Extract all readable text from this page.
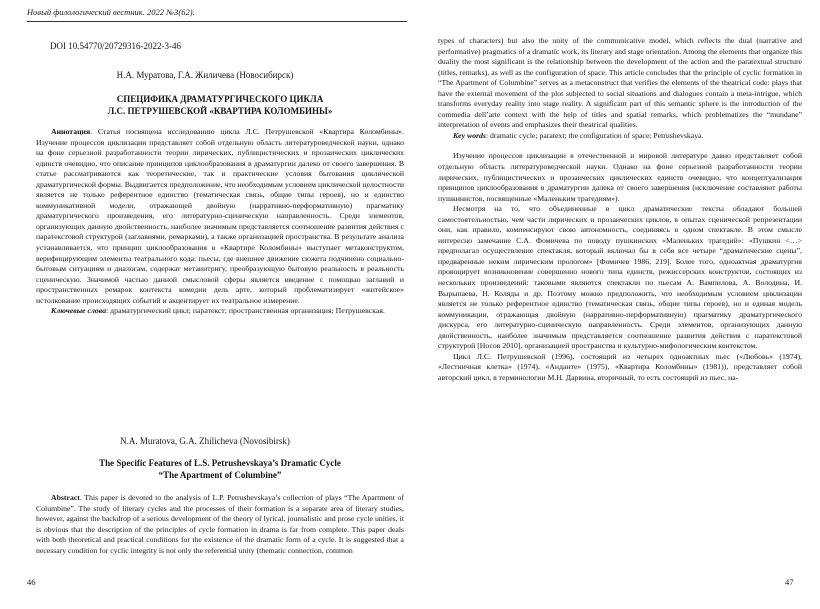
Новый филологический вестник. 2022 №3(62).
DOI 10.54770/20729316-2022-3-46
Н.А. Муратова, Г.А. Жиличева (Новосибирск)
СПЕЦИФИКА ДРАМАТУРГИЧЕСКОГО ЦИКЛА
Л.С. ПЕТРУШЕВСКОЙ «КВАРТИРА КОЛОМБИНЫ»

Аннотация. Статья посвящена исследованию цикла Л.С. Петрушевской «Квартира Коломбины». Изучение процессов циклизации представляет собой отдельную область литературоведческой науки, однако на фоне серьезной разработанности теории лирических, публицистических и прозаических циклических единств очевидно, что описание принципов циклообразования в драматургии далеко от своего завершения. В статье рассматриваются как теоретические, так и практические условия бытования циклической драматургической формы. Выдвигается предположение, что необходимым условием циклической целостности является не только референтное единство (тематическая связь, общие типы героев), но и единство коммуникативной модели, отражающей двойную (нарративно-перформативную) прагматику драматургического произведения, его литературно-сценическую направленность. Среди элементов, организующих данную двойственность, наиболее значимым представляется соотношение развития действия с паратекстовой структурой (заглавиями, ремарками), а также организацией пространства. В результате анализа устанавливается, что принцип циклообразования в «Квартире Коломбины» выступает метаконструктом, верифицирующим элементы театрального кода: пьесы, где внешнее движение сюжета подчинено социально-бытовым ситуациям и диалогам, содержат метаинтригу, преобразующую бытовую реальность в реальность сценическую. Значимой частью данной смысловой сферы является введение с помощью заглавий и пространственных ремарок контекста комедии дель арте, который проблематизирует «житейское» истолкование происходящих событий и акцентирует их театральное измерение.

Ключевые слова: драматургический цикл; паратекст; пространственная организация; Петрушевская.

N.A. Muratova, G.A. Zhilicheva (Novosibirsk)
The Specific Features of L.S. Petrushevskaya’s Dramatic Cycle
“The Apartment of Columbine”

Abstract. This paper is devoted to the analysis of L.P. Petrushevskaya’s collection of plays “The Apartment of Columbine”. The study of literary cycles and the processes of their formation is a separate area of literary studies, however, against the backdrop of a serious development of the theory of lyrical, journalistic and prose cycle unities, it is obvious that the description of the principles of cycle formation in drama is far from complete. This paper deals with both theoretical and practical conditions for the existence of the dramatic form of a cycle. It is suggested that a necessary condition for cyclic integrity is not only the referential unity (thematic connection, common

46

types of characters) but also the unity of the communicative model, which reflects the dual (narrative and performative) pragmatics of a dramatic work, its literary and stage orientation. Among the elements that organize this duality the most significant is the relationship between the development of the action and the paratextual structure (titles, remarks), as well as the configuration of space. This article concludes that the principle of cyclic formation in “The Apartment of Columbine” serves as a metaconstruct that verifies the elements of the theatrical code: plays that have the external movement of the plot subjected to social situations and dialogues contain a meta-intrigue, which transforms everyday reality into stage reality. A significant part of this semantic sphere is the introduction of the commedia dell’arte context with the help of titles and spatial remarks, which problematizes the “mundane” interpretation of events and emphasizes their theatrical qualities.

Key words: dramatic cycle; paratext; the configuration of space; Petrushevskaya.

Изучение процессов циклизации в отечественной и мировой литературе давно представляет собой отдельную область литературоведческой науки. Однако на фоне серьезной разработанности теории лирических, публицистических и прозаических циклических единств очевидно, что концептуализация принципов циклообразования в драматургии далека от своего завершения (исключение составляют работы пушкинистов, посвященные «Маленьким трагедиям»).

Несмотря на то, что объединенные в цикл драматические тексты обладают большей самостоятельностью, чем части лирических и прозаических циклов, в опытах сценической репрезентации они, как правило, компенсируют свою автономность, соединяясь в одном спектакле. В этом смысле интересно замечание С.А. Фомичева по поводу пушкинских «Маленьких трагедий»: «Пушкин <…> предполагал осуществление спектакля, который включал бы в себя все четыре “драматические сцены”, предваренные неким лирическим прологом» [Фомичев 1986, 219]. Более того, одноактная драматургия провоцирует возникновение совершенно нового типа единств, режиссерских конструктов, состоящих из нескольких произведений: таковыми являются спектакли по пьесам А. Вампилова, А. Володина, И. Вырыпаева, Н. Коляды и др. Поэтому можно предположить, что необходимым условием циклизации является не только референтное единство (тематическая связь, общие типы героев), но и единая модель коммуникации, отражающая двойную (нарративно-перформативную) прагматику драматургического дискурса, его литературно-сценическую направленность. Среди элементов, организующих данную двойственность, наиболее значимым представляется соотношение развития действия с паратекстовой структурой [Носов 2010], организацией пространства и культурно-мифологическим контекстом.

Цикл Л.С. Петрушевской (1996), состоящий из четырех одноактных пьес («Любовь» (1974), «Лестничная клетка» (1974), «Анданте» (1975), «Квартира Коломбины» (1981)), представляет собой авторский цикл, в терминологии М.Н. Дарвина, вторичный, то есть состоящий из пьес, на-

47
